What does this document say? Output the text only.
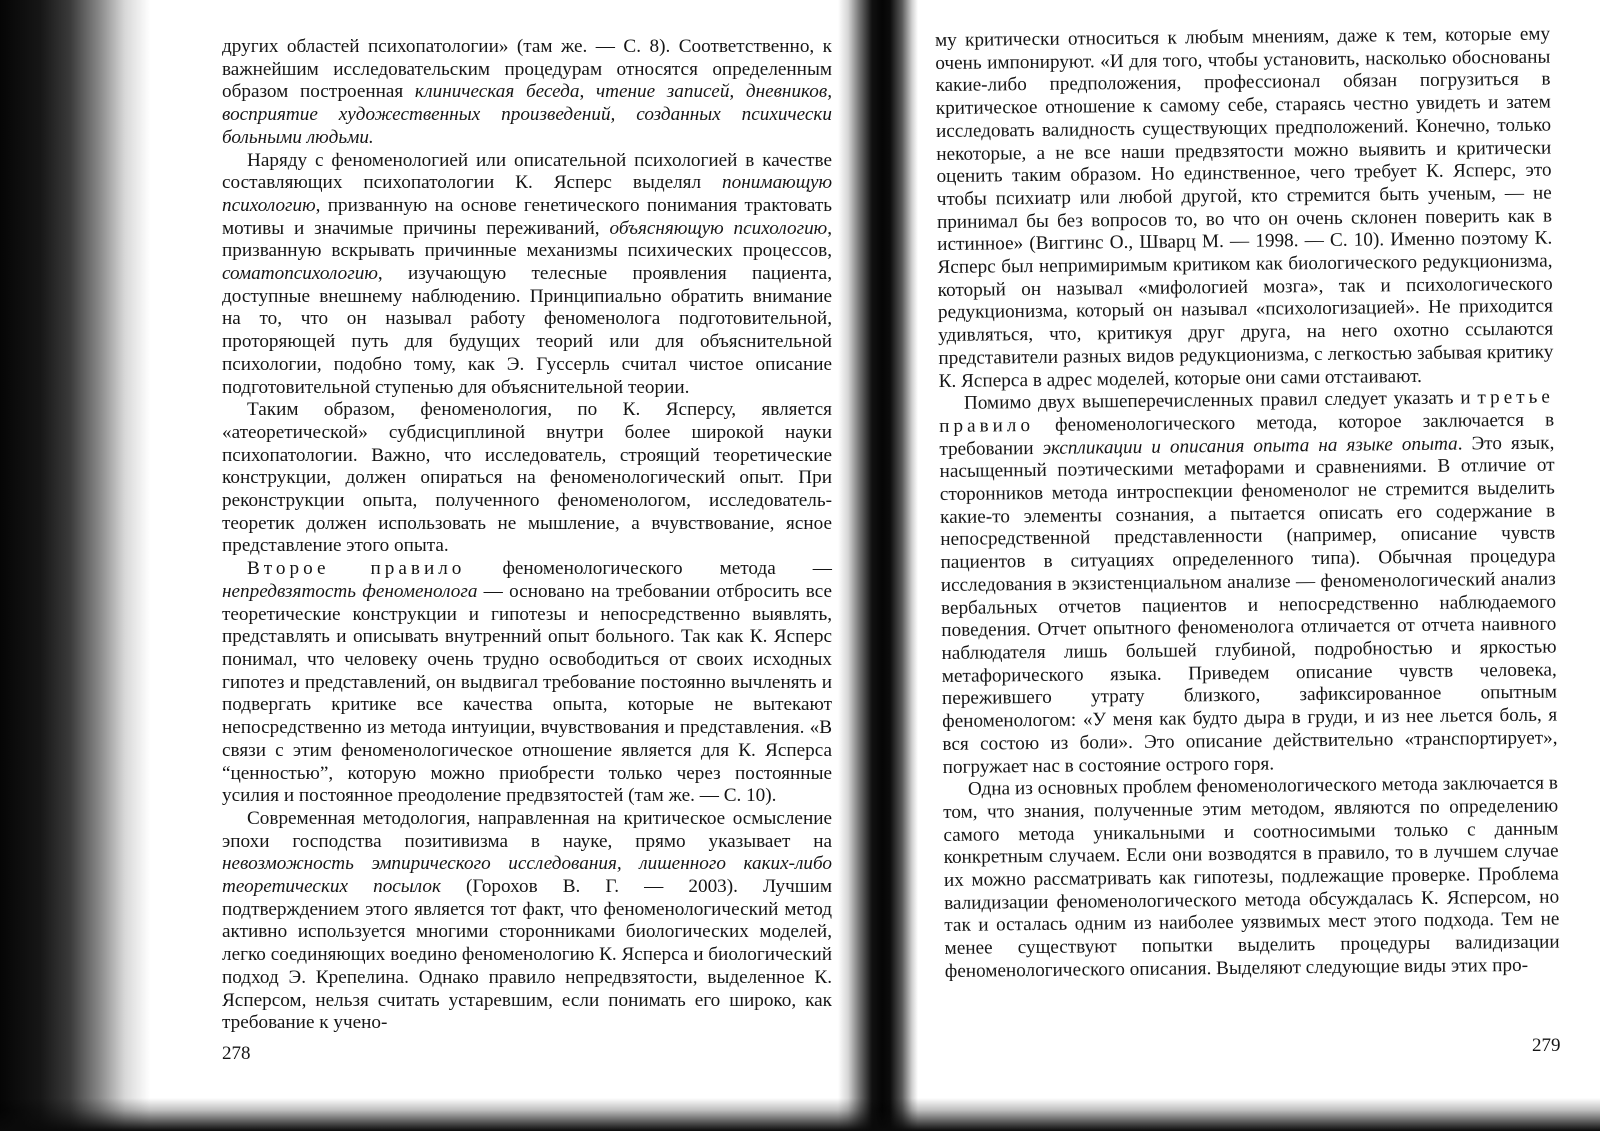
других областей психопатологии» (там же. — С. 8). Соответственно, к важнейшим исследовательским процедурам относятся определенным образом построенная клиническая беседа, чтение записей, дневников, восприятие художественных произведений, созданных психически больными людьми.

Наряду с феноменологией или описательной психологией в качестве составляющих психопатологии К. Ясперс выделял понимающую психологию, призванную на основе генетического понимания трактовать мотивы и значимые причины переживаний, объясняющую психологию, призванную вскрывать причинные механизмы психических процессов, соматопсихологию, изучающую телесные проявления пациента, доступные внешнему наблюдению. Принципиально обратить внимание на то, что он называл работу феноменолога подготовительной, проторяющей путь для будущих теорий или для объяснительной психологии, подобно тому, как Э. Гуссерль считал чистое описание подготовительной ступенью для объяснительной теории.

Таким образом, феноменология, по К. Ясперсу, является «атеоретической» субдисциплиной внутри более широкой науки психопатологии. Важно, что исследователь, строящий теоретические конструкции, должен опираться на феноменологический опыт. При реконструкции опыта, полученного феноменологом, исследователь-теоретик должен использовать не мышление, а вчувствование, ясное представление этого опыта.

Второе правило феноменологического метода — непредвзятость феноменолога — основано на требовании отбросить все теоретические конструкции и гипотезы и непосредственно выявлять, представлять и описывать внутренний опыт больного. Так как К. Ясперс понимал, что человеку очень трудно освободиться от своих исходных гипотез и представлений, он выдвигал требование постоянно вычленять и подвергать критике все качества опыта, которые не вытекают непосредственно из метода интуиции, вчувствования и представления. «В связи с этим феноменологическое отношение является для К. Ясперса “ценностью”, которую можно приобрести только через постоянные усилия и постоянное преодоление предвзятостей (там же. — С. 10).

Современная методология, направленная на критическое осмысление эпохи господства позитивизма в науке, прямо указывает на невозможность эмпирического исследования, лишенного каких-либо теоретических посылок (Горохов В. Г. — 2003). Лучшим подтверждением этого является тот факт, что феноменологический метод активно используется многими сторонниками биологических моделей, легко соединяющих воедино феноменологию К. Ясперса и биологический подход Э. Крепелина. Однако правило непредвзятости, выделенное К. Ясперсом, нельзя считать устаревшим, если понимать его широко, как требование к учено-

му критически относиться к любым мнениям, даже к тем, которые ему очень импонируют. «И для того, чтобы установить, насколько обоснованы какие-либо предположения, профессионал обязан погрузиться в критическое отношение к самому себе, стараясь честно увидеть и затем исследовать валидность существующих предположений. Конечно, только некоторые, а не все наши предвзятости можно выявить и критически оценить таким образом. Но единственное, чего требует К. Ясперс, это чтобы психиатр или любой другой, кто стремится быть ученым, — не принимал бы без вопросов то, во что он очень склонен поверить как в истинное» (Виггинс О., Шварц М. — 1998. — С. 10). Именно поэтому К. Ясперс был непримиримым критиком как биологического редукционизма, который он называл «мифологией мозга», так и психологического редукционизма, который он называл «психологизацией». Не приходится удивляться, что, критикуя друг друга, на него охотно ссылаются представители разных видов редукционизма, с легкостью забывая критику К. Ясперса в адрес моделей, которые они сами отстаивают.

Помимо двух вышеперечисленных правил следует указать и третье правило феноменологического метода, которое заключается в требовании экспликации и описания опыта на языке опыта. Это язык, насыщенный поэтическими метафорами и сравнениями. В отличие от сторонников метода интроспекции феноменолог не стремится выделить какие-то элементы сознания, а пытается описать его содержание в непосредственной представленности (например, описание чувств пациентов в ситуациях определенного типа). Обычная процедура исследования в экзистенциальном анализе — феноменологический анализ вербальных отчетов пациентов и непосредственно наблюдаемого поведения. Отчет опытного феноменолога отличается от отчета наивного наблюдателя лишь большей глубиной, подробностью и яркостью метафорического языка. Приведем описание чувств человека, пережившего утрату близкого, зафиксированное опытным феноменологом: «У меня как будто дыра в груди, и из нее льется боль, я вся состою из боли». Это описание действительно «транспортирует», погружает нас в состояние острого горя.

Одна из основных проблем феноменологического метода заключается в том, что знания, полученные этим методом, являются по определению самого метода уникальными и соотносимыми только с данным конкретным случаем. Если они возводятся в правило, то в лучшем случае их можно рассматривать как гипотезы, подлежащие проверке. Проблема валидизации феноменологического метода обсуждалась К. Ясперсом, но так и осталась одним из наиболее уязвимых мест этого подхода. Тем не менее существуют попытки выделить процедуры валидизации феноменологического описания. Выделяют следующие виды этих про-

278	279
